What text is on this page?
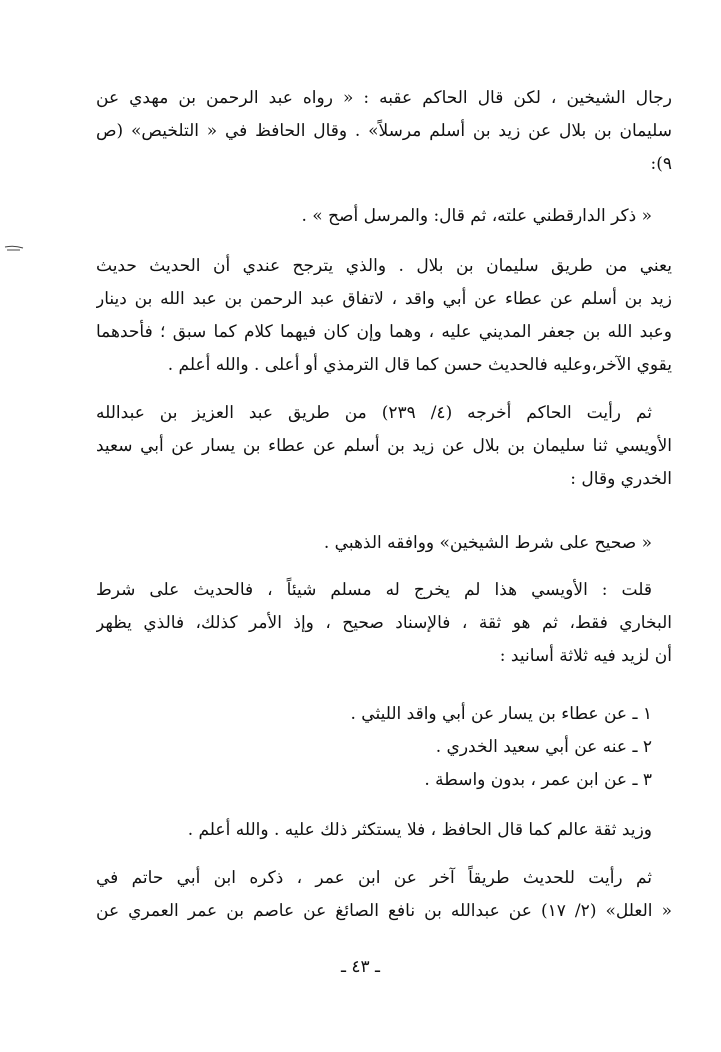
رجال الشيخين ، لكن قال الحاكم عقبه : « رواه عبد الرحمن بن مهدي عن
سليمان بن بلال عن زيد بن أسلم مرسلاً» . وقال الحافظ في « التلخيص» (ص
٩):
« ذكر الدارقطني علته، ثم قال: والمرسل أصح » .
يعني من طريق سليمان بن بلال . والذي يترجح عندي أن الحديث حديث
زيد بن أسلم عن عطاء عن أبي واقد ، لاتفاق عبد الرحمن بن عبد الله بن دينار
وعبد الله بن جعفر المديني عليه ، وهما وإن كان فيهما كلام كما سبق ؛ فأحدهما
يقوي الآخر،وعليه فالحديث حسن كما قال الترمذي أو أعلى . والله أعلم .
ثم رأيت الحاكم أخرجه (٤/ ٢٣٩) من طريق عبد العزيز بن عبدالله
الأويسي ثنا سليمان بن بلال عن زيد بن أسلم عن عطاء بن يسار عن أبي سعيد
الخدري وقال :
« صحيح على شرط الشيخين» ووافقه الذهبي .
قلت : الأويسي هذا لم يخرج له مسلم شيئاً ، فالحديث على شرط
البخاري فقط، ثم هو ثقة ، فالإسناد صحيح ، وإذ الأمر كذلك، فالذي يظهر
أن لزيد فيه ثلاثة أسانيد :
١ ـ عن عطاء بن يسار عن أبي واقد الليثي .
٢ ـ عنه عن أبي سعيد الخدري .
٣ ـ عن ابن عمر ، بدون واسطة .
وزيد ثقة عالم كما قال الحافظ ، فلا يستكثر ذلك عليه . والله أعلم .
ثم رأيت للحديث طريقاً آخر عن ابن عمر ، ذكره ابن أبي حاتم في
« العلل» (٢/ ١٧) عن عبدالله بن نافع الصائغ عن عاصم بن عمر العمري عن
ـ ٤٣ ـ
